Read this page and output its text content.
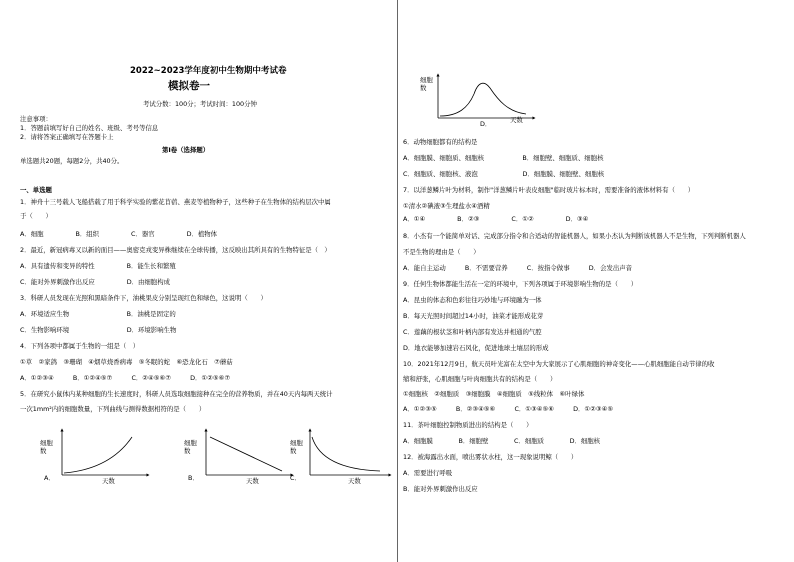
2022~2023学年度初中生物期中考试卷
模拟卷一
考试分数：100分；考试时间：100分钟
注意事项：
1．答题前填写好自己的姓名、班级、考号等信息
2．请将答案正确填写在答题卡上
第Ⅰ卷（选择题）
单选题共20题，每题2分，共40分。
一、单选题
1．神舟十三号载人飞船搭载了用于科学实验的紫花苜蓿、燕麦等植物种子，这些种子在生物体的结构层次中属
于（　　）
A．细胞　　　　　B．组织　　　　　C．器官　　　　　D．植物体
2．最近，新冠病毒又以新的面目——奥密克戎变异株继续在全球传播，这反映出其所具有的生物特征是（　）
A．具有遗传和变异的特性　　　　　B．能生长和繁殖
C．能对外界刺激作出反应　　　　　D．由细胞构成
3．科研人员发现在光照和黑暗条件下，油桃果皮分别呈现红色和绿色，这说明（　　）
A．环境适应生物　　　　　　　　　B．油桃是固定的
C．生物影响环境　　　　　　　　　D．环境影响生物
4．下列各项中都属于生物的一组是（　）
①草　②家鸽　③珊瑚　④烟草烧香病毒　⑤冬眠的蛇　⑥恐龙化石　⑦蘑菇
A．①②③④　　　B．①②④⑤⑦　　　C．②④⑤⑥⑦　　　D．①②⑤⑥⑦
5．在研究小鼠体内某种细胞的生长速度时，科研人员选取细胞接种在完全的营养物质，并在40天内每两天统计
一次1mm²内的细胞数量，下列曲线与测得数据相符的是（　　）
细胞数
天数
A．
细胞数
天数
B．
细胞数
天数
C．
细胞数
天数
D．
6．动物细胞都有的结构是
A．细胞膜、细胞质、细胞核　　　　　　B．细胞壁、细胞质、细胞核
C．细胞质、细胞核、液泡　　　　　　　D．细胞膜、细胞壁、细胞核
7．以洋葱鳞片叶为材料，制作"洋葱鳞片叶表皮细胞"临时玻片标本时，需要准备的液体材料有（　　）
①清水②碘液③生理盐水④酒精
A．①④　　　　　B．②③　　　　　C．①②　　　　　D．③④
8．小杰有一个能简单对话、完成部分指令和合适动的智能机器人，如果小杰认为判断该机器人不是生物，下列判断机器人
不是生物的理由是（　　）
A．能自主运动　　　B．不需要营养　　　C．按指令做事　　　D．会发出声音
9．任何生物体都能生活在一定的环境中，下列各项属于环境影响生物的是（　　）
A．昆虫的体态和色彩往往巧妙地与环境融为一体
B．每天光照时间超过14小时，油菜才能形成花芽
C．莲藕的根状茎和叶柄内部有发达并相通的气腔
D．地衣能够加速岩石风化，促进地球土壤层的形成
10．2021年12月9日，航天员叶光富在太空中为大家展示了心肌细胞的神奇变化——心肌细胞能自动节律的收
缩和舒张，心肌细胞与叶肉细胞共有的结构是（　　）
①细胞核　②细胞质　③细胞膜　④细胞质　⑤线粒体　⑥叶绿体
A．①②③⑤　　　B．②③④⑤⑥　　　C．①③④⑤⑥　　　D．①②③④⑤
11．茶叶细胞控制物质进出的结构是（　　）
A．细胞膜　　　　B．细胞壁　　　　C．细胞质　　　　D．细胞核
12．被海露出水面，喷出雾状水柱，这一现象说明鲸（　　）
A．需要进行呼吸
B．能对外界刺激作出反应
